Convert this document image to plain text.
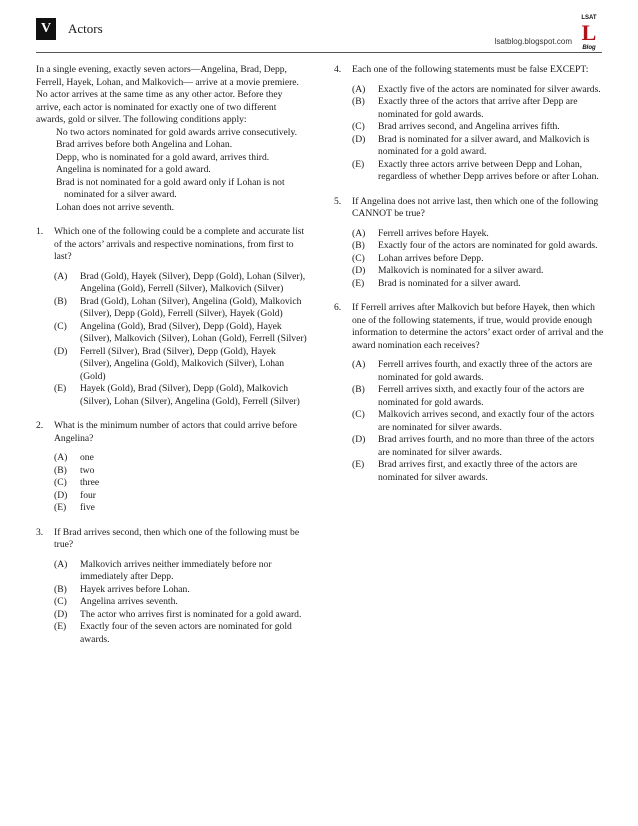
V	Actors
lsatblog.blogspot.com
LSAT
L
Blog

In a single evening, exactly seven actors—Angelina, Brad, Depp, Ferrell, Hayek, Lohan, and Malkovich— arrive at a movie premiere. No actor arrives at the same time as any other actor. Before they arrive, each actor is nominated for exactly one of two different awards, gold or silver. The following conditions apply:

No two actors nominated for gold awards arrive consecutively.
Brad arrives before both Angelina and Lohan.
Depp, who is nominated for a gold award, arrives third.
Angelina is nominated for a gold award.
Brad is not nominated for a gold award only if Lohan is not nominated for a silver award.
Lohan does not arrive seventh.
1. Which one of the following could be a complete and accurate list of the actors’ arrivals and respective nominations, from first to last?
(A) Brad (Gold), Hayek (Silver), Depp (Gold), Lohan (Silver), Angelina (Gold), Ferrell (Silver), Malkovich (Silver)
(B) Brad (Gold), Lohan (Silver), Angelina (Gold), Malkovich (Silver), Depp (Gold), Ferrell (Silver), Hayek (Gold)
(C) Angelina (Gold), Brad (Silver), Depp (Gold), Hayek (Silver), Malkovich (Silver), Lohan (Gold), Ferrell (Silver)
(D) Ferrell (Silver), Brad (Silver), Depp (Gold), Hayek (Silver), Angelina (Gold), Malkovich (Silver), Lohan (Gold)
(E) Hayek (Gold), Brad (Silver), Depp (Gold), Malkovich (Silver), Lohan (Silver), Angelina (Gold), Ferrell (Silver)
2. What is the minimum number of actors that could arrive before Angelina?
(A) one
(B) two
(C) three
(D) four
(E) five
3. If Brad arrives second, then which one of the following must be true?
(A) Malkovich arrives neither immediately before nor immediately after Depp.
(B) Hayek arrives before Lohan.
(C) Angelina arrives seventh.
(D) The actor who arrives first is nominated for a gold award.
(E) Exactly four of the seven actors are nominated for gold awards.
4. Each one of the following statements must be false EXCEPT:
(A) Exactly five of the actors are nominated for silver awards.
(B) Exactly three of the actors that arrive after Depp are nominated for gold awards.
(C) Brad arrives second, and Angelina arrives fifth.
(D) Brad is nominated for a silver award, and Malkovich is nominated for a gold award.
(E) Exactly three actors arrive between Depp and Lohan, regardless of whether Depp arrives before or after Lohan.
5. If Angelina does not arrive last, then which one of the following CANNOT be true?
(A) Ferrell arrives before Hayek.
(B) Exactly four of the actors are nominated for gold awards.
(C) Lohan arrives before Depp.
(D) Malkovich is nominated for a silver award.
(E) Brad is nominated for a silver award.
6. If Ferrell arrives after Malkovich but before Hayek, then which one of the following statements, if true, would provide enough information to determine the actors’ exact order of arrival and the award nomination each receives?
(A) Ferrell arrives fourth, and exactly three of the actors are nominated for gold awards.
(B) Ferrell arrives sixth, and exactly four of the actors are nominated for gold awards.
(C) Malkovich arrives second, and exactly four of the actors are nominated for silver awards.
(D) Brad arrives fourth, and no more than three of the actors are nominated for silver awards.
(E) Brad arrives first, and exactly three of the actors are nominated for silver awards.
